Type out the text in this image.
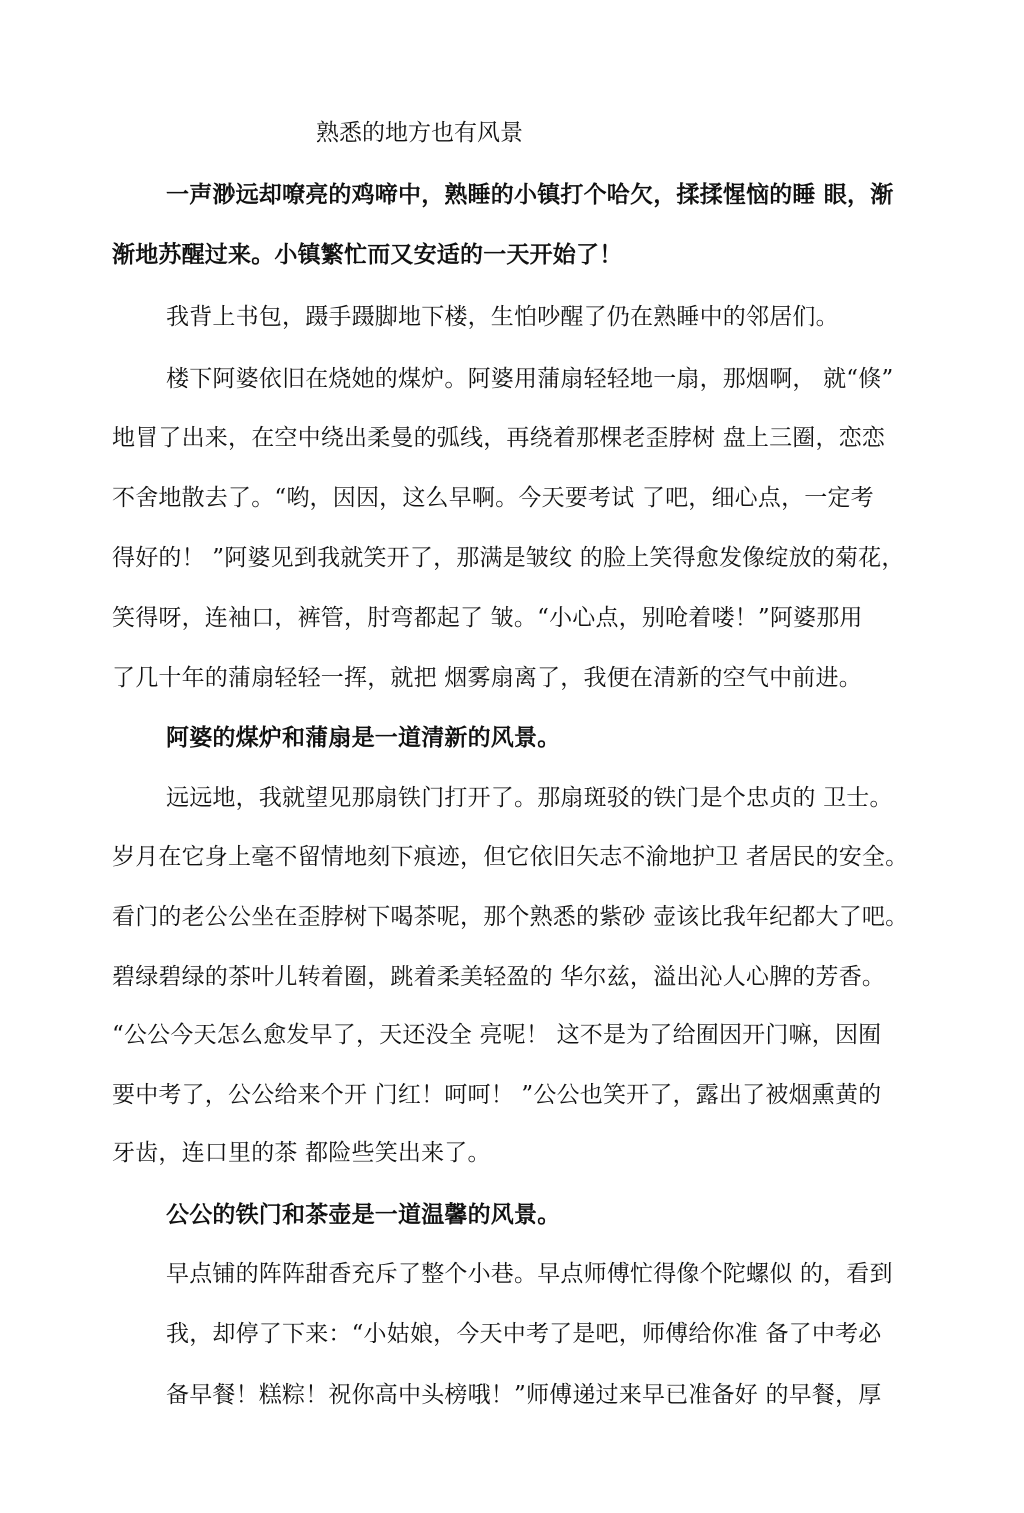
熟悉的地方也有风景
一声渺远却嘹亮的鸡啼中，熟睡的小镇打个哈欠，揉揉惺恼的睡 眼，渐
渐地苏醒过来。小镇繁忙而又安适的一天开始了！
我背上书包，蹑手蹑脚地下楼，生怕吵醒了仍在熟睡中的邻居们。
楼下阿婆依旧在烧她的煤炉。阿婆用蒲扇轻轻地一扇，那烟啊， 就“倏”
地冒了出来，在空中绕出柔曼的弧线，再绕着那棵老歪脖树 盘上三圈，恋恋
不舍地散去了。“哟，因因，这么早啊。今天要考试 了吧，细心点，一定考
得好的！ ”阿婆见到我就笑开了，那满是皱纹 的脸上笑得愈发像绽放的菊花，
笑得呀，连袖口，裤管，肘弯都起了 皱。“小心点，别呛着喽！”阿婆那用
了几十年的蒲扇轻轻一挥，就把 烟雾扇离了，我便在清新的空气中前进。
阿婆的煤炉和蒲扇是一道清新的风景。
远远地，我就望见那扇铁门打开了。那扇斑驳的铁门是个忠贞的 卫士。
岁月在它身上毫不留情地刻下痕迹，但它依旧矢志不渝地护卫 者居民的安全。
看门的老公公坐在歪脖树下喝茶呢，那个熟悉的紫砂 壶该比我年纪都大了吧。
碧绿碧绿的茶叶儿转着圈，跳着柔美轻盈的 华尔兹，溢出沁人心脾的芳香。
“公公今天怎么愈发早了，天还没全 亮呢！ 这不是为了给囿因开门嘛，因囿
要中考了，公公给来个开 门红！呵呵！ ”公公也笑开了，露出了被烟熏黄的
牙齿，连口里的茶 都险些笑出来了。
公公的铁门和茶壶是一道温馨的风景。
早点铺的阵阵甜香充斥了整个小巷。早点师傅忙得像个陀螺似 的，看到
我，却停了下来：“小姑娘，今天中考了是吧，师傅给你准 备了中考必
备早餐！糕粽！祝你高中头榜哦！”师傅递过来早已准备好 的早餐，厚
